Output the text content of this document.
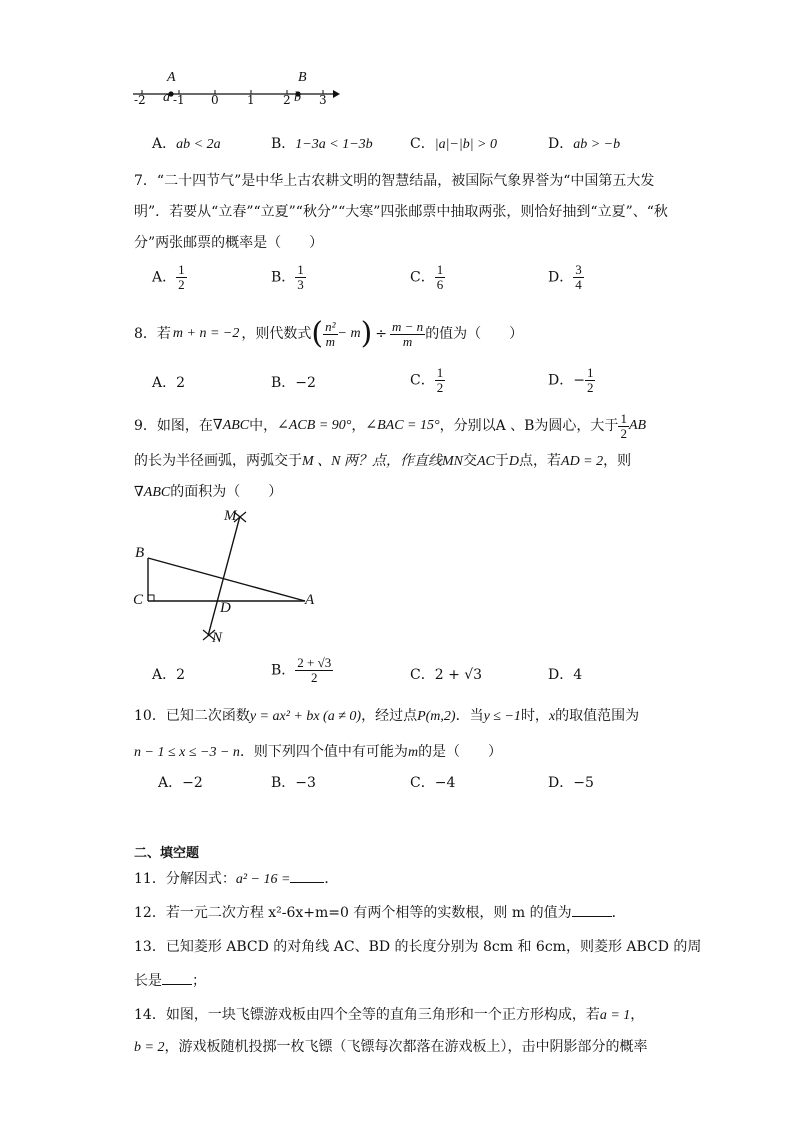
A	B
-2 a -1 0 1 2 b 3
A．ab < 2a	B．1−3a < 1−3b	C．|a|−|b| > 0	D．ab > −b
7．“二十四节气”是中华上古农耕文明的智慧结晶，被国际气象界誉为“中国第五大发
明”．若要从“立春”“立夏”“秋分”“大寒”四张邮票中抽取两张，则恰好抽到“立夏”、“秋
分”两张邮票的概率是（　　）
A． $\frac{1}{2}$	B． $\frac{1}{3}$	C． $\frac{1}{6}$	D． $\frac{3}{4}$
8．若 m + n = −2 ，则代数式 ( $\frac{\text{n²}}{m} - m$ ) ÷ $\frac{m - n}{m}$ 的值为（　　）
A．2	B．−2	C． $\frac{1}{2}$	D．− $\frac{1}{2}$
9．如图，在 ∇ABC 中， ∠ACB = 90° ， ∠BAC = 15° ，分别以A 、B为圆心，大于 $\frac{1}{2}$ AB
的长为半径画弧，两弧交于M 、N 两？点，作直线MN交AC于D点，若AD = 2，则
∇ABC的面积为（　　）
M
N
B
C	D	A
A．2	B． $\frac{2 + √3}{2}$	C．2 + √3	D．4
10．已知二次函数y = ax² + bx (a ≠ 0)，经过点P(m,2)．当y ≤ −1时，x的取值范围为
n − 1 ≤ x ≤ −3 − n．则下列四个值中有可能为m的是（　　）
A．−2	B．−3	C．−4	D．−5
二、填空题
11．分解因式：a² − 16 = ．
12．若一元二次方程 x²-6x+m=0 有两个相等的实数根，则 m 的值为	．
13．已知菱形 ABCD 的对角线 AC、BD 的长度分别为 8cm 和 6cm，则菱形 ABCD 的周
长是 ；
14．如图，一块飞镖游戏板由四个全等的直角三角形和一个正方形构成，若a = 1，
b = 2，游戏板随机投掷一枚飞镖（飞镖每次都落在游戏板上），击中阴影部分的概率
